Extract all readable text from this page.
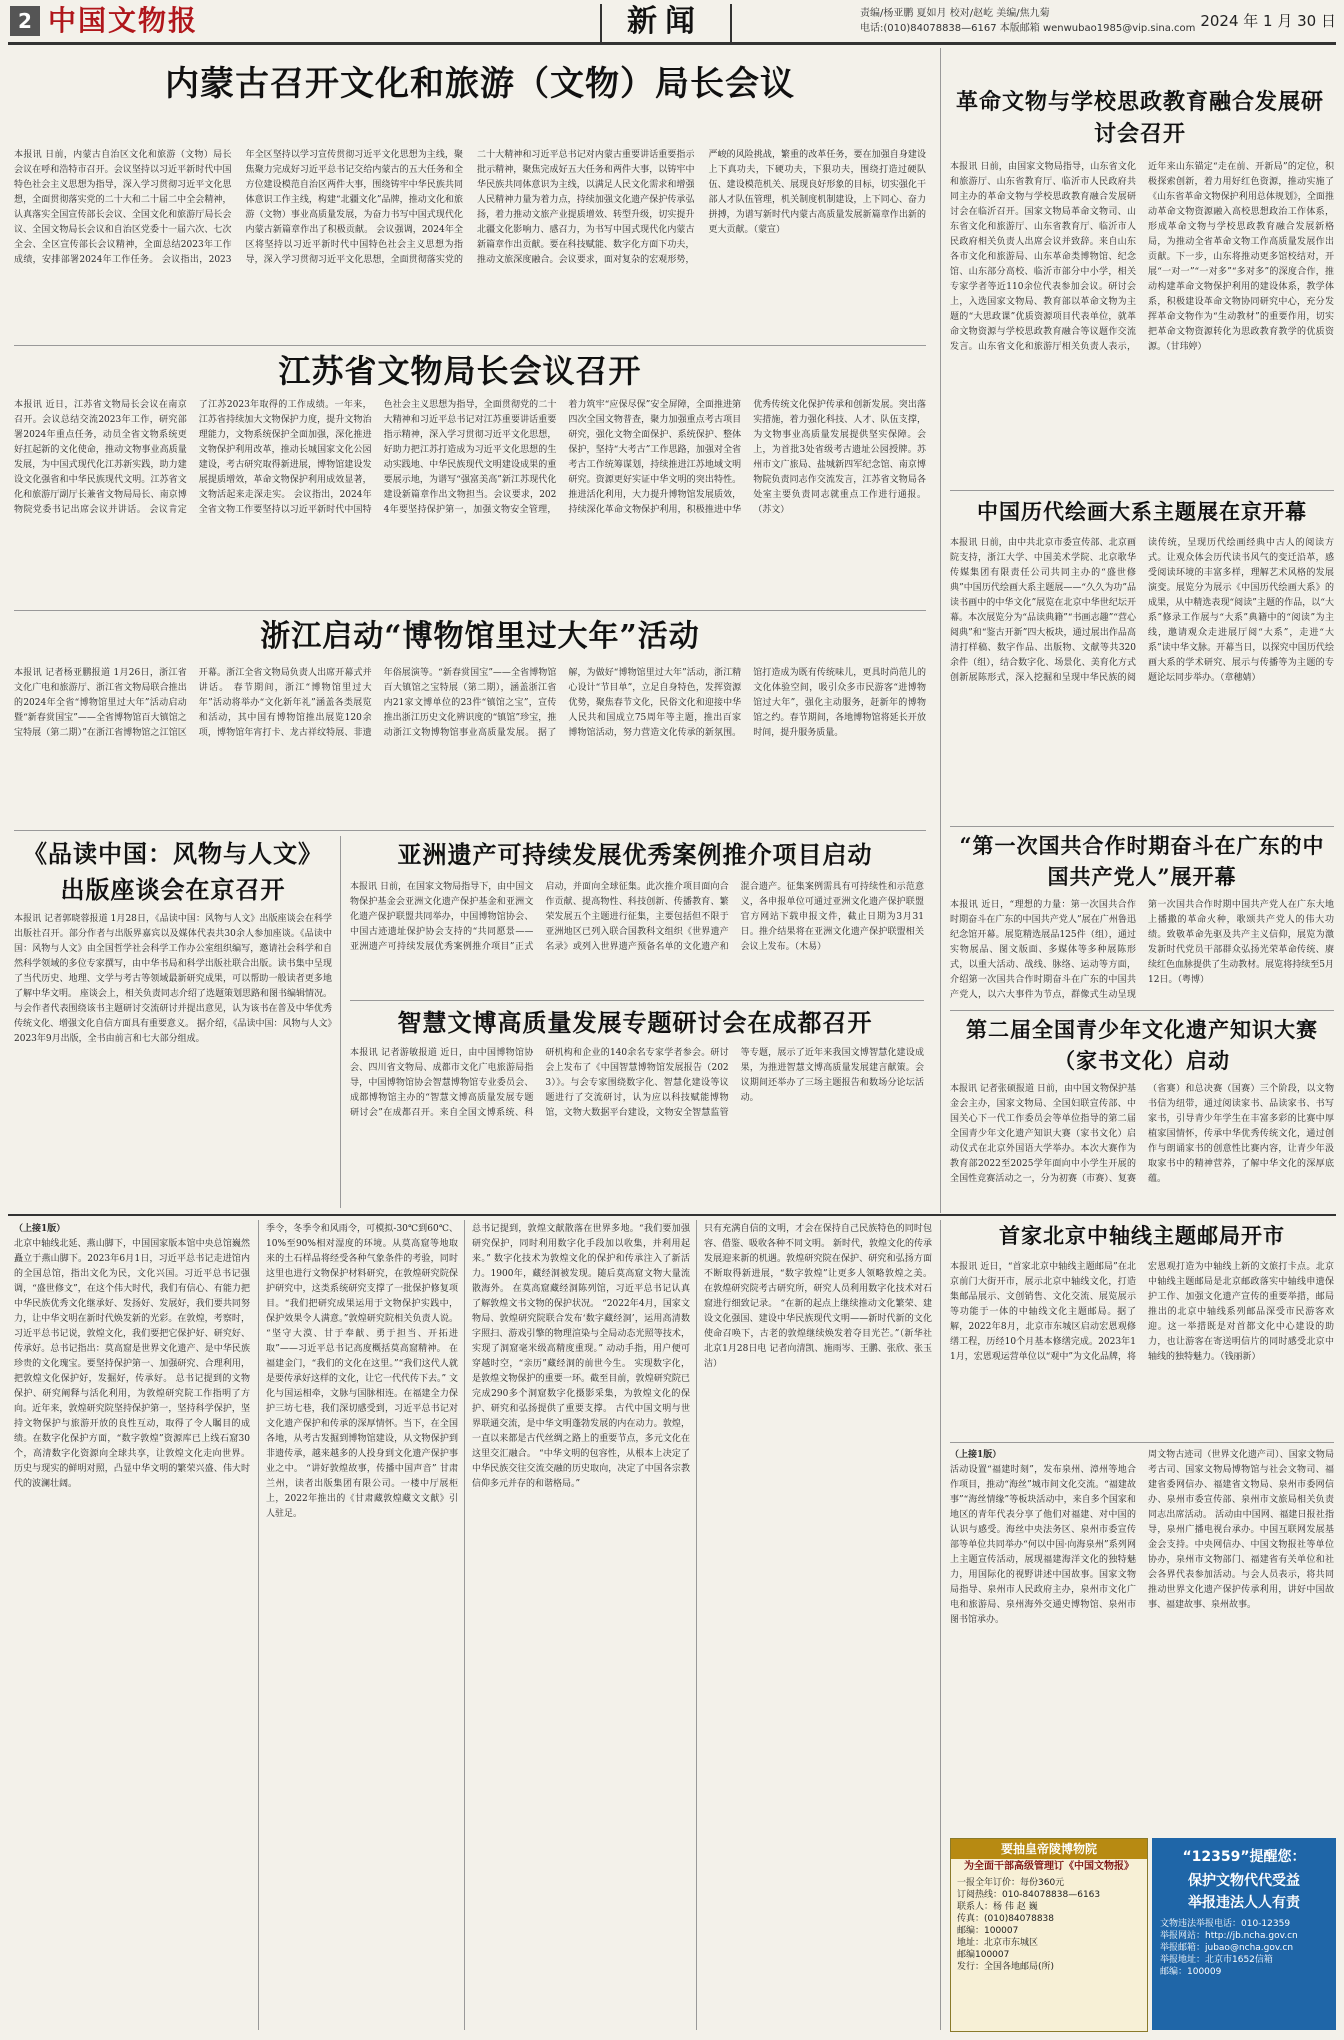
2 中国文物报	新闻	责编/杨亚鹏 夏如月 校对/赵屹 美编/焦九菊
电话:(010)84078838—6167 本版邮箱 wenwubao1985@vip.sina.com 2024 年 1 月 30 日
内蒙古召开文化和旅游（文物）局长会议
本报讯 日前，内蒙古自治区文化和旅游（文物）局长会议在呼和浩特市召开。会议坚持以习近平新时代中国特色社会主义思想为指导，深入学习贯彻习近平文化思想，全面贯彻落实党的二十大和二十届二中全会精神，认真落实全国宣传部长会议、全国文化和旅游厅局长会议、全国文物局长会议和自治区党委十一届六次、七次全会、全区宣传部长会议精神，全面总结2023年工作成绩，安排部署2024年工作任务。 会议指出，2023年全区坚持以学习宣传贯彻习近平文化思想为主线，聚焦聚力完成好习近平总书记交给内蒙古的五大任务和全方位建设模范自治区两件大事，围绕铸牢中华民族共同体意识工作主线，构建“北疆文化”品牌，推动文化和旅游（文物）事业高质量发展，为奋力书写中国式现代化内蒙古新篇章作出了积极贡献。 会议强调，2024年全区将坚持以习近平新时代中国特色社会主义思想为指导，深入学习贯彻习近平文化思想，全面贯彻落实党的二十大精神和习近平总书记对内蒙古重要讲话重要指示批示精神，聚焦完成好五大任务和两件大事，以铸牢中华民族共同体意识为主线，以满足人民文化需求和增强人民精神力量为着力点，持续加强文化遗产保护传承弘扬，着力推动文旅产业提质增效、转型升级，切实提升北疆文化影响力、感召力，为书写中国式现代化内蒙古新篇章作出贡献。要在科技赋能、数字化方面下功夫，推动文旅深度融合。会议要求，面对复杂的宏观形势，严峻的风险挑战，繁重的改革任务，要在加强自身建设上下真功夫，下硬功夫，下狠功夫，围绕打造过硬队伍、建设模范机关、展现良好形象的目标，切实强化干部人才队伍管理，机关制度机制建设，上下同心、奋力拼搏，为谱写新时代内蒙古高质量发展新篇章作出新的更大贡献。（蒙宣）
江苏省文物局长会议召开
本报讯 近日，江苏省文物局长会议在南京召开。会议总结交流2023年工作，研究部署2024年重点任务，动员全省文物系统更好扛起新的文化使命，推动文物事业高质量发展，为中国式现代化江苏新实践，助力建设文化强省和中华民族现代文明。江苏省文化和旅游厅副厅长兼省文物局局长、南京博物院党委书记出席会议并讲话。 会议肯定了江苏2023年取得的工作成绩。一年来，江苏省持续加大文物保护力度，提升文物治理能力，文物系统保护全面加强，深化推进文物保护利用改革，推动长城国家文化公园建设，考古研究取得新进展，博物馆建设发展提质增效，革命文物保护利用成效显著，文物活起来走深走实。 会议指出，2024年全省文物工作要坚持以习近平新时代中国特色社会主义思想为指导，全面贯彻党的二十大精神和习近平总书记对江苏重要讲话重要指示精神，深入学习贯彻习近平文化思想，好助力把江苏打造成为习近平文化思想的生动实践地、中华民族现代文明建设成果的重要展示地，为谱写“强富美高”新江苏现代化建设新篇章作出文物担当。会议要求，2024年要坚持保护第一，加强文物安全管理，着力筑牢“应保尽保”安全屏障，全面推进第四次全国文物普查，聚力加强重点考古项目研究，强化文物全面保护、系统保护、整体保护，坚持“大考古”工作思路，加强对全省考古工作统筹谋划，持续推进江苏地域文明研究。资源更好实证中华文明的突出特性。推进活化利用，大力提升博物馆发展质效，持续深化革命文物保护利用，积极推进中华优秀传统文化保护传承和创新发展。突出落实措施，着力强化科技、人才、队伍支撑，为文物事业高质量发展提供坚实保障。会上，为首批3处省级考古遗址公园授牌。苏州市文广旅局、盐城新四军纪念馆、南京博物院负责同志作交流发言，江苏省文物局各处室主要负责同志就重点工作进行通报。（苏文）
浙江启动“博物馆里过大年”活动
本报讯 记者杨亚鹏报道 1月26日，浙江省文化广电和旅游厅、浙江省文物局联合推出的2024年全省“博物馆里过大年”活动启动暨“新春赏国宝”——全省博物馆百大镇馆之宝特展（第二期）”在浙江省博物馆之江馆区开幕。浙江全省文物局负责人出席开幕式并讲话。 春节期间，浙江“博物馆里过大年”活动将举办“文化新年礼”涵盖各类展览和活动，其中国有博物馆推出展览120余项，博物馆年宵打卡、龙古祥纹特展、非遗年俗展演等。“新春赏国宝”——全省博物馆百大镇馆之宝特展（第二期），涵盖浙江省内21家文博单位的23件“镇馆之宝”，宣传推出浙江历史文化辨识度的“镇馆”珍宝，推动浙江文物博物馆事业高质量发展。 据了解，为做好“博物馆里过大年”活动，浙江精心设计“节目单”，立足自身特色，发挥资源优势，聚焦春节文化，民俗文化和迎接中华人民共和国成立75周年等主题，推出百家博物馆活动，努力营造文化传承的新氛围。馆打造成为既有传统味儿，更具时尚范儿的文化体验空间，吸引众多市民游客“进博物馆过大年”，强化主动服务，赶新年的博物馆之约。春节期间，各地博物馆将延长开放时间，提升服务质量。
《品读中国：风物与人文》出版座谈会在京召开
本报讯 记者郭晓蓉报道 1月28日，《品读中国：风物与人文》出版座谈会在科学出版社召开。部分作者与出版界嘉宾以及媒体代表共30余人参加座谈。《品读中国：风物与人文》由全国哲学社会科学工作办公室组织编写，邀请社会科学和自然科学领域的多位专家撰写，由中华书局和科学出版社联合出版。读书集中呈现了当代历史、地理、文学与考古等领域最新研究成果，可以帮助一般读者更多地了解中华文明。 座谈会上，相关负责同志介绍了选题策划思路和图书编辑情况。与会作者代表围绕该书主题研讨交流研讨并提出意见，认为该书在普及中华优秀传统文化、增强文化自信方面具有重要意义。 据介绍，《品读中国：风物与人文》2023年9月出版，全书由前言和七大部分组成。
亚洲遗产可持续发展优秀案例推介项目启动
本报讯 日前，在国家文物局指导下，由中国文物保护基金会亚洲文化遗产保护基金和亚洲文化遗产保护联盟共同举办，中国博物馆协会、中国古迹遗址保护协会支持的“共同愿景——亚洲遗产可持续发展优秀案例推介项目”正式启动，并面向全球征集。此次推介项目面向合作贡献、提高物性、科技创新、传播教育、繁荣发展五个主题进行征集，主要包括但不限于亚洲地区已列入联合国教科文组织《世界遗产名录》或列入世界遗产预备名单的文化遗产和混合遗产。征集案例需具有可持续性和示范意义，各申报单位可通过亚洲文化遗产保护联盟官方网站下载申报文件，截止日期为3月31日。推介结果将在亚洲文化遗产保护联盟相关会议上发布。（木易）
智慧文博高质量发展专题研讨会在成都召开
本报讯 记者游敏报道 近日，由中国博物馆协会、四川省文物局、成都市文化广电旅游局指导，中国博物馆协会智慧博物馆专业委员会、成都博物馆主办的“智慧文博高质量发展专题研讨会”在成都召开。来自全国文博系统、科研机构和企业的140余名专家学者参会。研讨会上发布了《中国智慧博物馆发展报告（2023）》。与会专家围绕数字化、智慧化建设等议题进行了交流研讨，认为应以科技赋能博物馆，文物大数据平台建设，文物安全智慧监管等专题，展示了近年来我国文博智慧化建设成果，为推进智慧文博高质量发展建言献策。会议期间还举办了三场主题报告和数场分论坛活动。
革命文物与学校思政教育融合发展研讨会召开
本报讯 日前，由国家文物局指导，山东省文化和旅游厅、山东省教育厅、临沂市人民政府共同主办的革命文物与学校思政教育融合发展研讨会在临沂召开。国家文物局革命文物司、山东省文化和旅游厅、山东省教育厅、临沂市人民政府相关负责人出席会议并致辞。来自山东各市文化和旅游局、山东革命类博物馆、纪念馆、山东部分高校、临沂市部分中小学，相关专家学者等近110余位代表参加会议。研讨会上，入选国家文物局、教育部以革命文物为主题的“大思政课”优质资源项目代表单位，就革命文物资源与学校思政教育融合等议题作交流发言。山东省文化和旅游厅相关负责人表示，近年来山东锚定“走在前、开新局”的定位，积极探索创新，着力用好红色资源，推动实施了《山东省革命文物保护利用总体规划》，全面推动革命文物资源融入高校思想政治工作体系，形成革命文物与学校思政教育融合发展新格局，为推动全省革命文物工作高质量发展作出贡献。下一步，山东将推动更多馆校结对，开展“一对一”“一对多”“多对多”的深度合作，推动构建革命文物保护利用的建设体系，教学体系，积极建设革命文物协同研究中心，充分发挥革命文物作为“生动教材”的重要作用，切实把革命文物资源转化为思政教育教学的优质资源。（甘玮婷）
中国历代绘画大系主题展在京开幕
本报讯 日前，由中共北京市委宣传部、北京画院支持，浙江大学、中国美术学院、北京歌华传媒集团有限责任公司共同主办的“盛世修典”中国历代绘画大系主题展——“久久为功”品读书画中的中华文化”展览在北京中华世纪坛开幕。本次展览分为“品读典籍”“书画志趣”“营心阅典”和“鉴古开新”四大板块，通过展出作品高清打样稿、数字作品、出版物、文献等共320余件（组），结合数字化、场景化、美育化方式创新展陈形式，深入挖掘和呈现中华民族的阅读传统，呈现历代绘画经典中古人的阅读方式。让观众体会历代读书风气的变迁沿革，感受阅读环境的丰富多样，理解艺术风格的发展演变。展览分为展示《中国历代绘画大系》的成果，从中精选表现“阅读”主题的作品，以“大系”修录工作展与“大系”典籍中的“阅读”为主线，邀请观众走进展厅阅“大系”，走进“大系”读中华文脉。开幕当日，以探究中国历代绘画大系的学术研究、展示与传播等为主题的专题论坛同步举办。（章穗婧）
“第一次国共合作时期奋斗在广东的中国共产党人”展开幕
本报讯 近日，“理想的力量：第一次国共合作时期奋斗在广东的中国共产党人”展在广州鲁迅纪念馆开幕。展览精选展品125件（组），通过实物展品、图文版面、多媒体等多种展陈形式，以重大活动、战线、脉络、运动等方面，介绍第一次国共合作时期奋斗在广东的中国共产党人，以六大事件为节点，群像式生动呈现第一次国共合作时期中国共产党人在广东大地上播撒的革命火种，歌颂共产党人的伟大功绩。致敬革命先驱及共产主义信仰，展览为激发新时代党员干部群众弘扬光荣革命传统、赓续红色血脉提供了生动教材。展览将持续至5月12日。（粤博）
第二届全国青少年文化遗产知识大赛（家书文化）启动
本报讯 记者张硕报道 日前，由中国文物保护基金会主办，国家文物局、全国妇联宣传部、中国关心下一代工作委员会等单位指导的第二届全国青少年文化遗产知识大赛（家书文化）启动仪式在北京外国语大学举办。本次大赛作为教育部2022至2025学年面向中小学生开展的全国性竞赛活动之一，分为初赛（市赛）、复赛（省赛）和总决赛（国赛）三个阶段，以文物书信为纽带，通过阅读家书、品读家书、书写家书，引导青少年学生在丰富多彩的比赛中厚植家国情怀，传承中华优秀传统文化，通过创作与朗诵家书的创意性比赛内容，让青少年汲取家书中的精神营养，了解中华文化的深厚底蕴。
首家北京中轴线主题邮局开市
本报讯 近日，“首家北京中轴线主题邮局”在北京前门大街开市，展示北京中轴线文化，打造集邮品展示、文创销售、文化交流、展览展示等功能于一体的中轴线文化主题邮局。据了解，2022年8月，北京市东城区启动宏恩观修缮工程，历经10个月基本修缮完成。2023年11月，宏恩观运营单位以“观中”为文化品牌，将宏恩观打造为中轴线上新的文旅打卡点。北京中轴线主题邮局是北京邮政落实中轴线申遗保护工作、加强文化遗产宣传的重要举措，邮局推出的北京中轴线系列邮品深受市民游客欢迎。这一举措既是对首都文化中心建设的助力，也让游客在寄送明信片的同时感受北京中轴线的独特魅力。（钱丽新）
（上接1版）
北京中轴线北延、燕山脚下，中国国家版本馆中央总馆巍然矗立于燕山脚下。2023年6月1日，习近平总书记走进馆内的全国总馆，指出文化为民，文化兴国。习近平总书记强调，“盛世修文”，在这个伟大时代，我们有信心、有能力把中华民族优秀文化继承好、发扬好、发展好，我们要共同努力，让中华文明在新时代焕发新的光彩。在敦煌，考察时，习近平总书记说，敦煌文化，我们要把它保护好、研究好、传承好。总书记指出：莫高窟是世界文化遗产、是中华民族珍贵的文化瑰宝。要坚持保护第一、加强研究、合理利用，把敦煌文化保护好，发掘好，传承好。 总书记提到的文物保护、研究阐释与活化利用，为敦煌研究院工作指明了方向。近年来，敦煌研究院坚持保护第一，坚持科学保护，坚持文物保护与旅游开放的良性互动，取得了令人瞩目的成绩。在数字化保护方面，“数字敦煌”资源库已上线石窟30个，高清数字化资源向全球共享，让敦煌文化走向世界。 历史与现实的鲜明对照，凸显中华文明的繁荣兴盛、伟大时代的波澜壮阔。
季令，冬季令和风雨令，可模拟-30℃到60℃、10%至90%相对湿度的环境。从莫高窟等地取来的土石样品将经受各种气象条件的考验，同时这里也进行文物保护材料研究，在敦煌研究院保护研究中，这类系统研究支撑了一批保护修复项目。“我们把研究成果运用于文物保护实践中，保护效果令人满意。”敦煌研究院相关负责人说。 “坚守大漠、甘于奉献、勇于担当、开拓进取”——习近平总书记高度概括莫高窟精神。 在福建金门，“我们的文化在这里。”“我们这代人就是要传承好这样的文化，让它一代代传下去。” 文化与国运相牵，文脉与国脉相连。在福建全力保护三坊七巷，我们深切感受到，习近平总书记对文化遗产保护和传承的深厚情怀。当下，在全国各地，从考古发掘到博物馆建设，从文物保护到非遗传承，越来越多的人投身到文化遗产保护事业之中。 “讲好敦煌故事，传播中国声音” 甘肃兰州，读者出版集团有限公司。一楼中厅展柜上，2022年推出的《甘肃藏敦煌藏文文献》引人驻足。
总书记提到，敦煌文献散落在世界多地。“我们要加强研究保护，同时利用数字化手段加以收集，并利用起来。” 数字化技术为敦煌文化的保护和传承注入了新活力。1900年，藏经洞被发现。随后莫高窟文物大量流散海外。 在莫高窟藏经洞陈列馆，习近平总书记认真了解敦煌文书文物的保护状况。 “2022年4月，国家文物局、敦煌研究院联合发布‘数字藏经洞’，运用高清数字照扫、游戏引擎的物理渲染与全局动态光照等技术，实现了洞窟毫米级高精度重现。” 动动手指，用户便可穿越时空，“亲历”藏经洞的前世今生。 实现数字化，是敦煌文物保护的重要一环。截至目前，敦煌研究院已完成290多个洞窟数字化摄影采集，为敦煌文化的保护、研究和弘扬提供了重要支撑。 古代中国文明与世界联通交流，是中华文明蓬勃发展的内在动力。敦煌，一直以来都是古代丝绸之路上的重要节点，多元文化在这里交汇融合。 “中华文明的包容性，从根本上决定了中华民族交往交流交融的历史取向，决定了中国各宗教信仰多元并存的和谐格局。”
只有充满自信的文明，才会在保持自己民族特色的同时包容、借鉴、吸收各种不同文明。 新时代，敦煌文化的传承发展迎来新的机遇。敦煌研究院在保护、研究和弘扬方面不断取得新进展，“数字敦煌”让更多人领略敦煌之美。 在敦煌研究院考古研究所，研究人员利用数字化技术对石窟进行细致记录。 “在新的起点上继续推动文化繁荣、建设文化强国、建设中华民族现代文明——新时代新的文化使命召唤下，古老的敦煌继续焕发着夺目光芒。”（新华社北京1月28日电 记者向清凯、施雨岑、王鹏、张欣、张玉洁）
（上接1版）
活动设置“福建时刻”，发布泉州、漳州等地合作项目，推动“海丝”城市间文化交流。“福建故事”“海丝情缘”等板块活动中，来自多个国家和地区的青年代表分享了他们对福建、对中国的认识与感受。海丝中央法务区、泉州市委宣传部等单位共同举办“何以中国·向海泉州”系列网上主题宣传活动，展现福建海洋文化的独特魅力，用国际化的视野讲述中国故事。国家文物局指导、泉州市人民政府主办，泉州市文化广电和旅游局、泉州海外交通史博物馆、泉州市图书馆承办。
周文物古迹司（世界文化遗产司）、国家文物局考古司、国家文物局博物馆与社会文物司、福建省委网信办、福建省文物局、泉州市委网信办、泉州市委宣传部、泉州市文旅局相关负责同志出席活动。 活动由中国网、福建日报社指导，泉州广播电视台承办。中国互联网发展基金会支持。中央网信办、中国文物报社等单位协办，泉州市文物部门、福建省有关单位和社会各界代表参加活动。与会人员表示，将共同推动世界文化遗产保护传承利用，讲好中国故事、福建故事、泉州故事。
要抽皇帝陵博物院
为全面干部高级管理订《中国文物报》
一报全年订价：每份360元
订阅热线：010-84078838—6163
联系人：杨 伟 赵 巍
传真：(010)84078838
邮编：100007
地址：北京市东城区
邮编100007
发行：全国各地邮局(所)
“12359”提醒您：
保护文物代代受益
举报违法人人有责
文物违法举报电话：010-12359
举报网站：http://jb.ncha.gov.cn
举报邮箱：jubao@ncha.gov.cn
举报地址：北京市1652信箱
邮编：100009
